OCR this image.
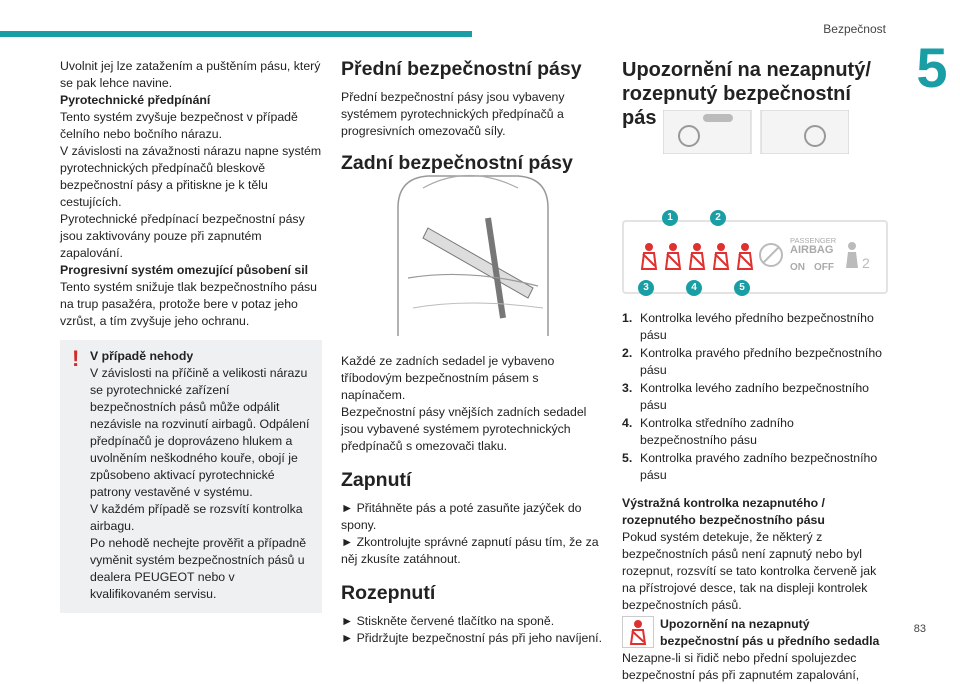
Bezpečnost
5

Uvolnit jej lze zatažením a puštěním pásu, který se pak lehce navine.

Pyrotechnické předpínání

Tento systém zvyšuje bezpečnost v případě čelního nebo bočního nárazu.

V závislosti na závažnosti nárazu napne systém pyrotechnických předpínačů bleskově bezpečnostní pásy a přitiskne je k tělu cestujících.

Pyrotechnické předpínací bezpečnostní pásy jsou zaktivovány pouze při zapnutém zapalování.

Progresivní systém omezující působení sil

Tento systém snižuje tlak bezpečnostního pásu na trup pasažéra, protože bere v potaz jeho vzrůst, a tím zvyšuje jeho ochranu.

! V případě nehody

V závislosti na příčině a velikosti nárazu se pyrotechnické zařízení bezpečnostních pásů může odpálit nezávisle na rozvinutí airbagů. Odpálení předpínačů je doprovázeno hlukem a uvolněním neškodného kouře, obojí je způsobeno aktivací pyrotechnické patrony vestavěné v systému.

V každém případě se rozsvítí kontrolka airbagu.

Po nehodě nechejte prověřit a případně vyměnit systém bezpečnostních pásů u dealera PEUGEOT nebo v kvalifikovaném servisu.

Přední bezpečnostní pásy

Přední bezpečnostní pásy jsou vybaveny systémem pyrotechnických předpínačů a progresivních omezovačů síly.

Zadní bezpečnostní pásy

Každé ze zadních sedadel je vybaveno tříbodovým bezpečnostním pásem s napínačem.

Bezpečnostní pásy vnějších zadních sedadel jsou vybavené systémem pyrotechnických předpínačů s omezovači tlaku.

Zapnutí

► Přitáhněte pás a poté zasuňte jazýček do spony.

► Zkontrolujte správné zapnutí pásu tím, že za něj zkusíte zatáhnout.

Rozepnutí

► Stiskněte červené tlačítko na sponě.

► Přidržujte bezpečnostní pás při jeho navíjení.

Upozornění na nezapnutý/ rozepnutý bezpečnostní pás
1	2
3	4	5
PASSENGER
AIRBAG
ON OFF 2
1. Kontrolka levého předního bezpečnostního pásu
2. Kontrolka pravého předního bezpečnostního pásu
3. Kontrolka levého zadního bezpečnostního pásu
4. Kontrolka středního zadního bezpečnostního pásu
5. Kontrolka pravého zadního bezpečnostního pásu

Výstražná kontrolka nezapnutého / rozepnutého bezpečnostního pásu

Pokud systém detekuje, že některý z bezpečnostních pásů není zapnutý nebo byl rozepnut, rozsvítí se tato kontrolka červeně jak na přístrojové desce, tak na displeji kontrolek bezpečnostních pásů.

Upozornění na nezapnutý bezpečnostní pás u předního sedadla

Nezapne-li si řidič nebo přední spolujezdec bezpečnostní pás při zapnutém zapalování,

83
